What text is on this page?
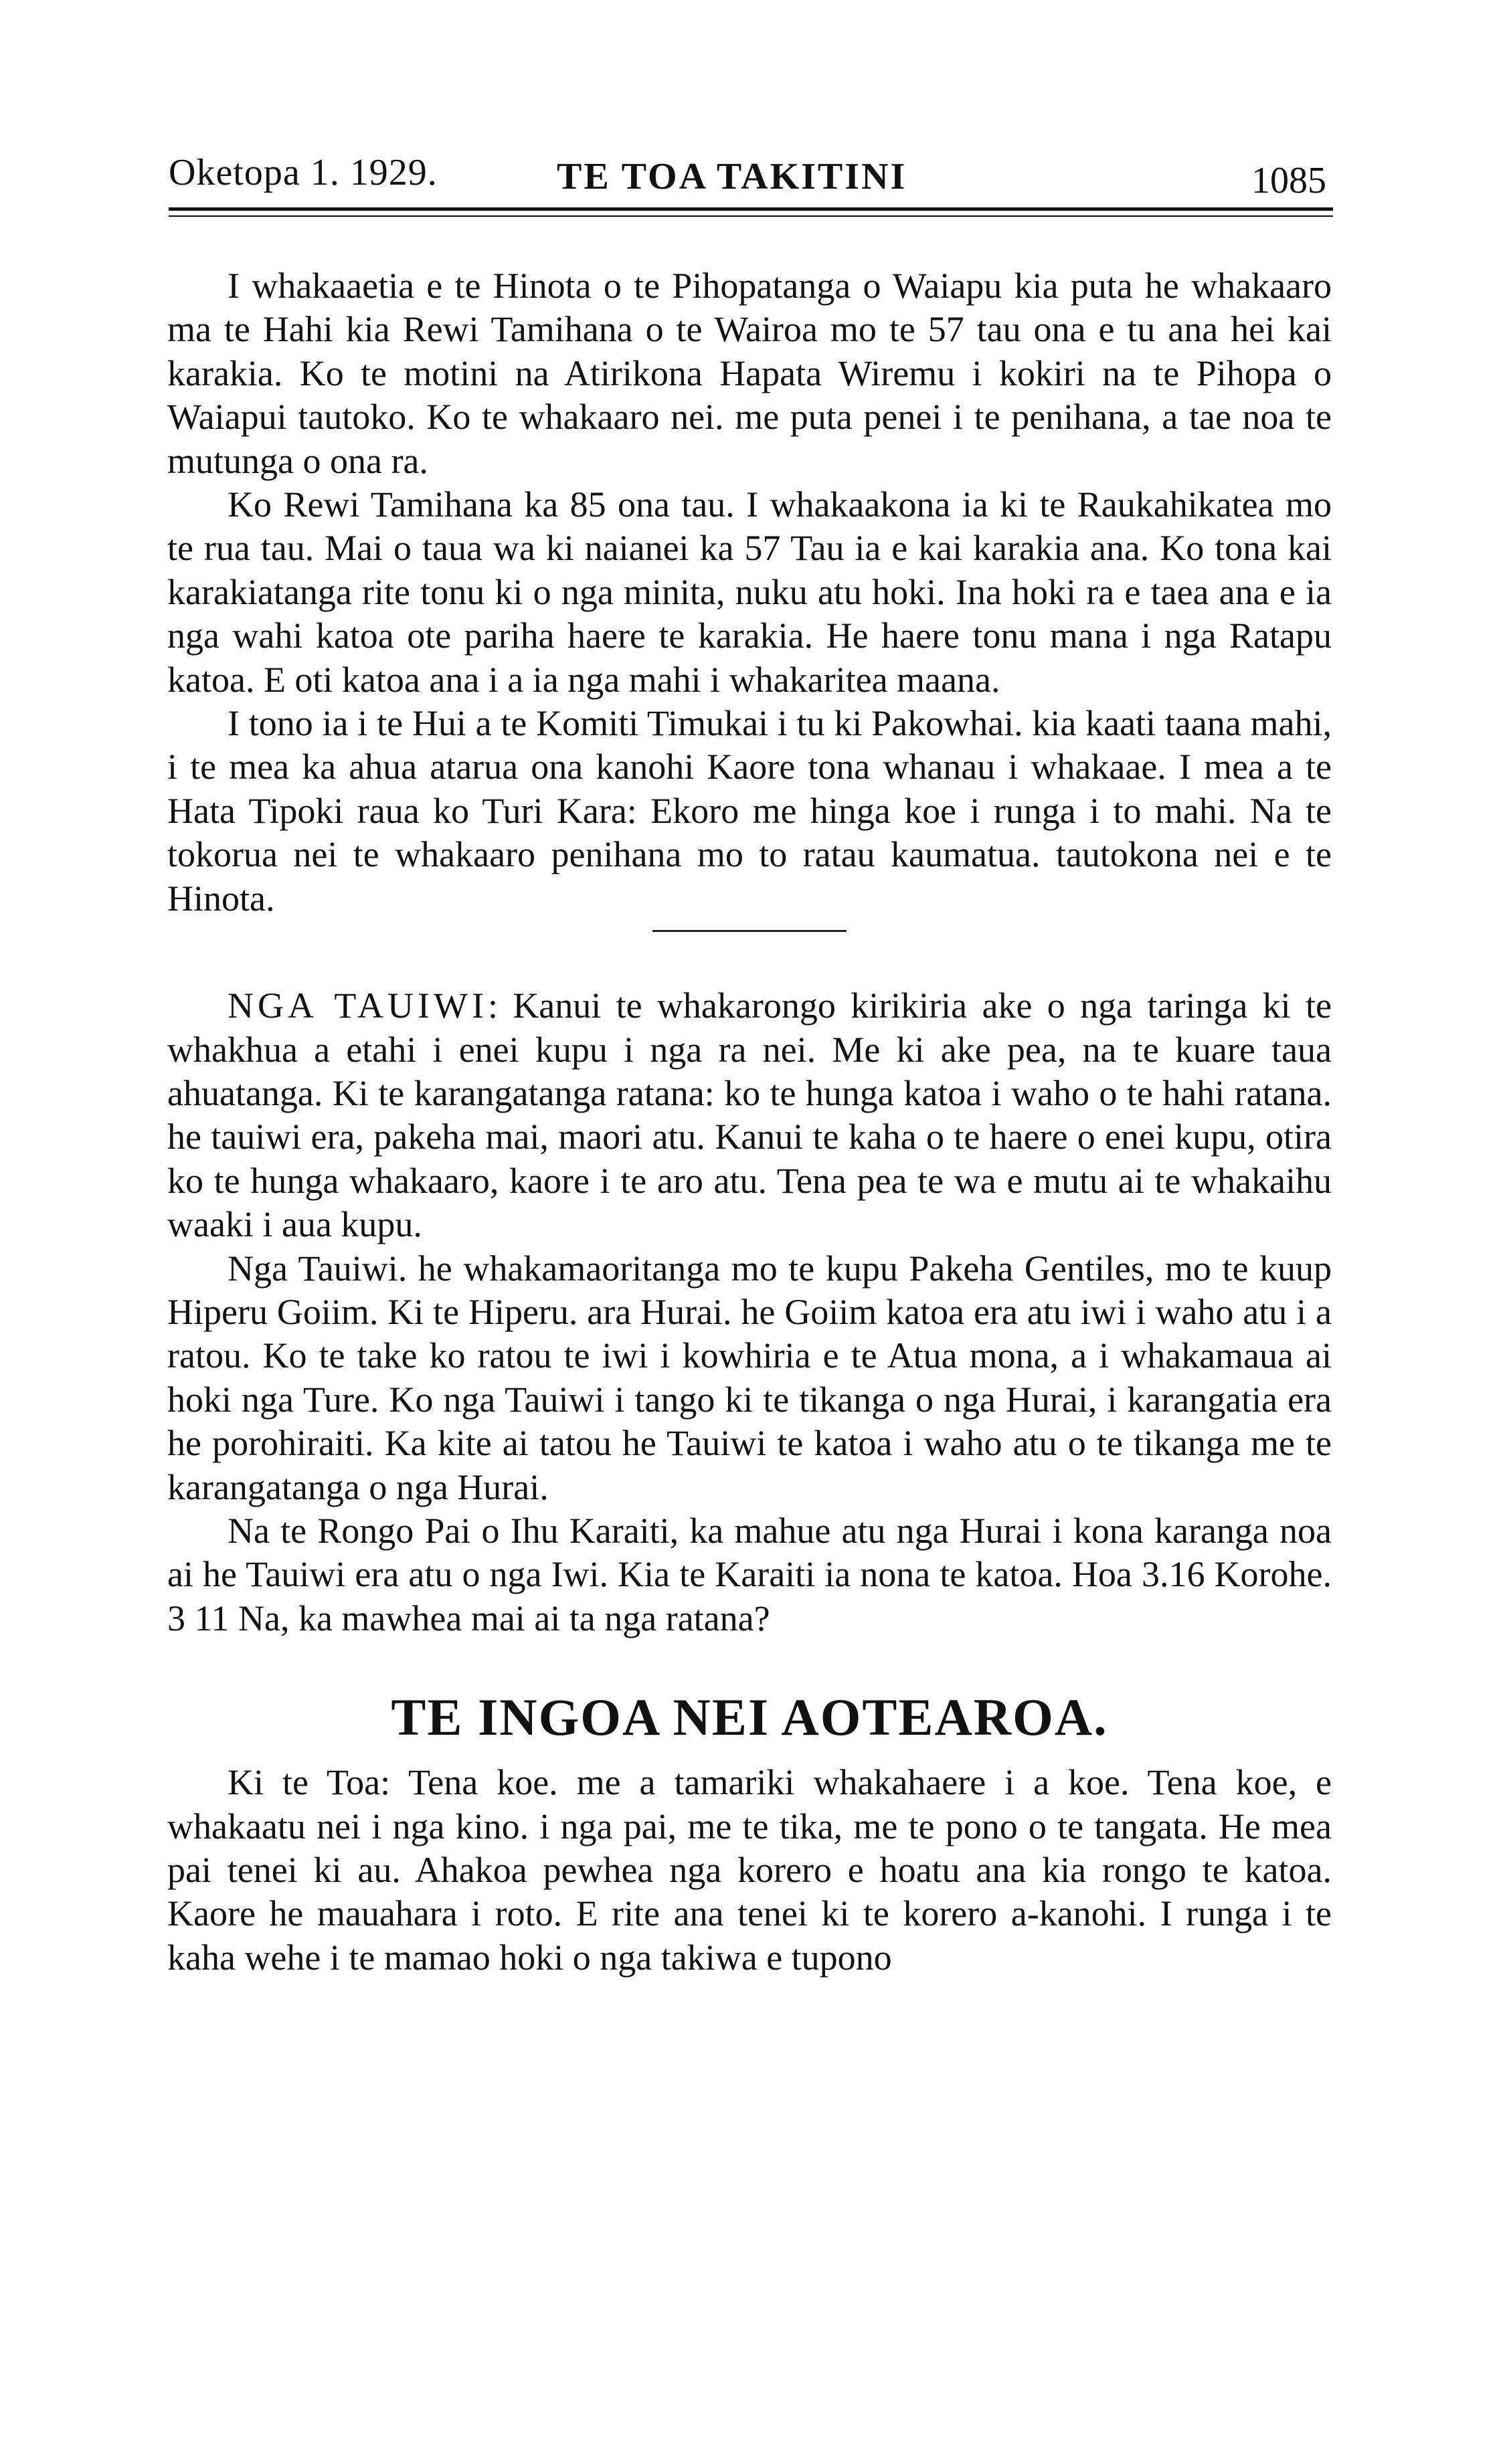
Oketopa 1. 1929.	TE TOA TAKITINI	1085

I whakaaetia e te Hinota o te Pihopatanga o Waiapu kia puta he whakaaro ma te Hahi kia Rewi Tamihana o te Wairoa mo te 57 tau ona e tu ana hei kai karakia. Ko te motini na Atirikona Hapata Wiremu i kokiri na te Pihopa o Waiapui tautoko. Ko te whakaaro nei. me puta penei i te penihana, a tae noa te mutunga o ona ra.

Ko Rewi Tamihana ka 85 ona tau. I whakaakona ia ki te Raukahikatea mo te rua tau. Mai o taua wa ki naianei ka 57 Tau ia e kai karakia ana. Ko tona kai karakiatanga rite tonu ki o nga minita, nuku atu hoki. Ina hoki ra e taea ana e ia nga wahi katoa ote pariha haere te karakia. He haere tonu mana i nga Ratapu katoa. E oti katoa ana i a ia nga mahi i whakaritea maana.

I tono ia i te Hui a te Komiti Timukai i tu ki Pakowhai. kia kaati taana mahi, i te mea ka ahua atarua ona kanohi Kaore tona whanau i whakaae. I mea a te Hata Tipoki raua ko Turi Kara: Ekoro me hinga koe i runga i to mahi. Na te tokorua nei te whakaaro penihana mo to ratau kaumatua. tautokona nei e te Hinota.

NGA TAUIWI: Kanui te whakarongo kirikiria ake o nga taringa ki te whakhua a etahi i enei kupu i nga ra nei. Me ki ake pea, na te kuare taua ahuatanga. Ki te karangatanga ratana: ko te hunga katoa i waho o te hahi ratana. he tauiwi era, pakeha mai, maori atu. Kanui te kaha o te haere o enei kupu, otira ko te hunga whakaaro, kaore i te aro atu. Tena pea te wa e mutu ai te whakaihu waaki i aua kupu.

Nga Tauiwi. he whakamaoritanga mo te kupu Pakeha Gentiles, mo te kuup Hiperu Goiim. Ki te Hiperu. ara Hurai. he Goiim katoa era atu iwi i waho atu i a ratou. Ko te take ko ratou te iwi i kowhiria e te Atua mona, a i whakamaua ai hoki nga Ture. Ko nga Tauiwi i tango ki te tikanga o nga Hurai, i karangatia era he porohiraiti. Ka kite ai tatou he Tauiwi te katoa i waho atu o te tikanga me te karangatanga o nga Hurai.

Na te Rongo Pai o Ihu Karaiti, ka mahue atu nga Hurai i kona karanga noa ai he Tauiwi era atu o nga Iwi. Kia te Karaiti ia nona te katoa. Hoa 3.16 Korohe. 3 11 Na, ka mawhea mai ai ta nga ratana?

TE INGOA NEI AOTEAROA.

Ki te Toa: Tena koe. me a tamariki whakahaere i a koe. Tena koe, e whakaatu nei i nga kino. i nga pai, me te tika, me te pono o te tangata. He mea pai tenei ki au. Ahakoa pewhea nga korero e hoatu ana kia rongo te katoa. Kaore he mauahara i roto. E rite ana tenei ki te korero a-kanohi. I runga i te kaha wehe i te mamao hoki o nga takiwa e tupono
